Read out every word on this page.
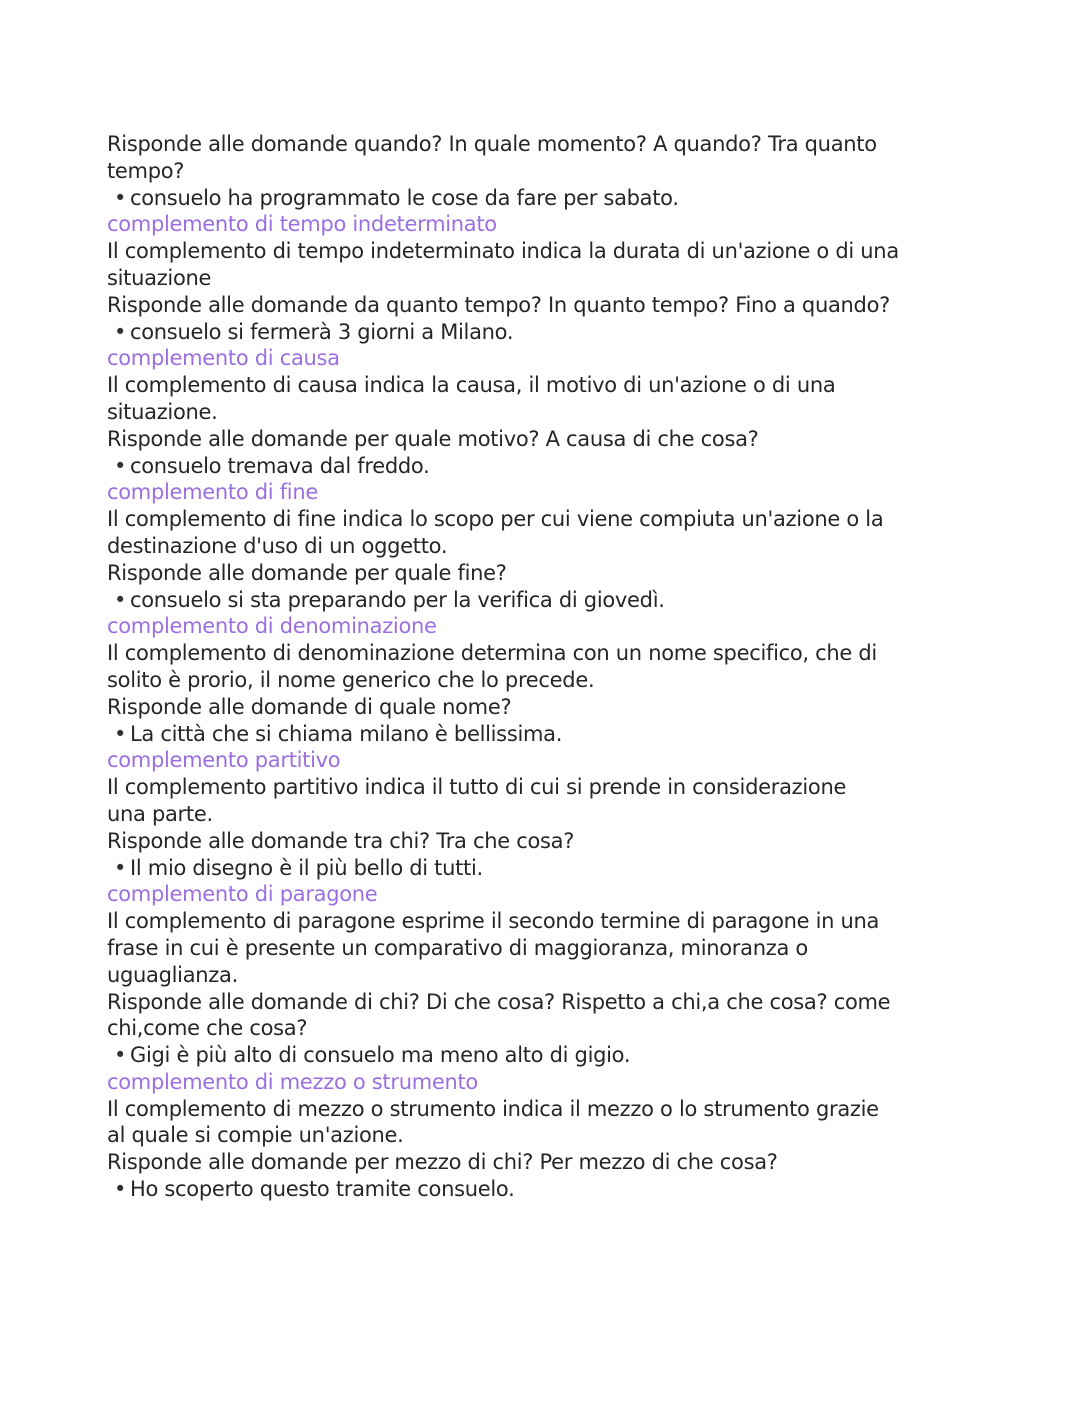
Risponde alle domande quando? In quale momento? A quando? Tra quanto
tempo?
• consuelo ha programmato le cose da fare per sabato.
complemento di tempo indeterminato
Il complemento di tempo indeterminato indica la durata di un'azione o di una
situazione
Risponde alle domande da quanto tempo? In quanto tempo? Fino a quando?
• consuelo si fermerà 3 giorni a Milano.
complemento di causa
Il complemento di causa indica la causa, il motivo di un'azione o di una
situazione.
Risponde alle domande per quale motivo? A causa di che cosa?
• consuelo tremava dal freddo.
complemento di fine
Il complemento di fine indica lo scopo per cui viene compiuta un'azione o la
destinazione d'uso di un oggetto.
Risponde alle domande per quale fine?
• consuelo si sta preparando per la verifica di giovedì.
complemento di denominazione
Il complemento di denominazione determina con un nome specifico, che di
solito è prorio, il nome generico che lo precede.
Risponde alle domande di quale nome?
• La città che si chiama milano è bellissima.
complemento partitivo
Il complemento partitivo indica il tutto di cui si prende in considerazione
una parte.
Risponde alle domande tra chi? Tra che cosa?
• Il mio disegno è il più bello di tutti.
complemento di paragone
Il complemento di paragone esprime il secondo termine di paragone in una
frase in cui è presente un comparativo di maggioranza, minoranza o
uguaglianza.
Risponde alle domande di chi? Di che cosa? Rispetto a chi,a che cosa? come
chi,come che cosa?
• Gigi è più alto di consuelo ma meno alto di gigio.
complemento di mezzo o strumento
Il complemento di mezzo o strumento indica il mezzo o lo strumento grazie
al quale si compie un'azione.
Risponde alle domande per mezzo di chi? Per mezzo di che cosa?
• Ho scoperto questo tramite consuelo.
